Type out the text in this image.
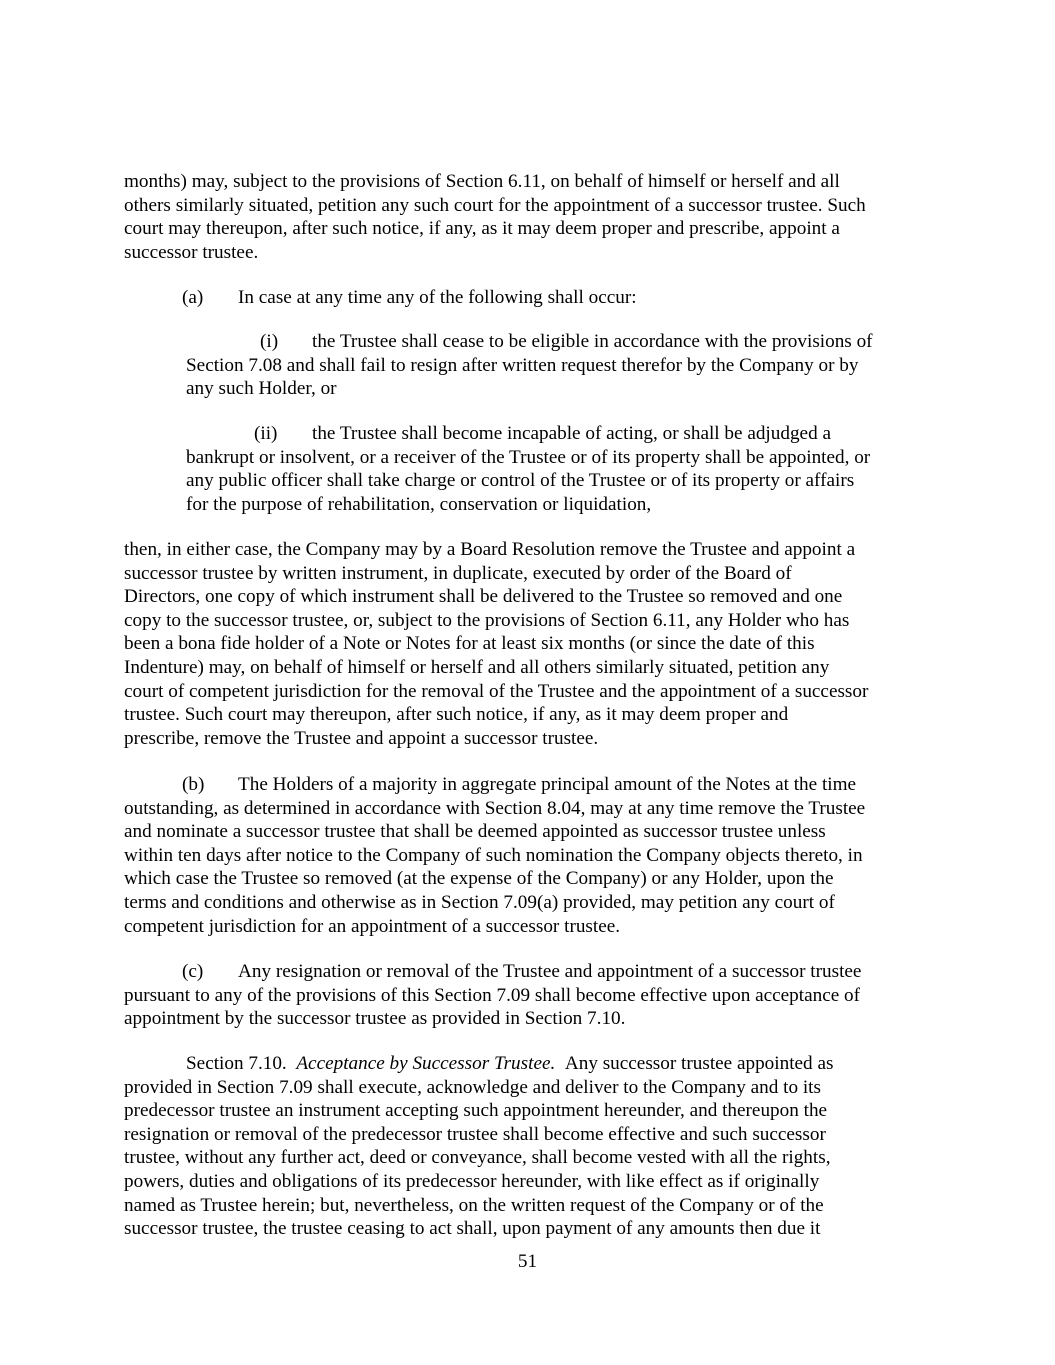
months) may, subject to the provisions of Section 6.11, on behalf of himself or herself and all
others similarly situated, petition any such court for the appointment of a successor trustee. Such
court may thereupon, after such notice, if any, as it may deem proper and prescribe, appoint a
successor trustee.
(a) In case at any time any of the following shall occur:
(i) the Trustee shall cease to be eligible in accordance with the provisions of
Section 7.08 and shall fail to resign after written request therefor by the Company or by
any such Holder, or
(ii) the Trustee shall become incapable of acting, or shall be adjudged a
bankrupt or insolvent, or a receiver of the Trustee or of its property shall be appointed, or
any public officer shall take charge or control of the Trustee or of its property or affairs
for the purpose of rehabilitation, conservation or liquidation,
then, in either case, the Company may by a Board Resolution remove the Trustee and appoint a
successor trustee by written instrument, in duplicate, executed by order of the Board of
Directors, one copy of which instrument shall be delivered to the Trustee so removed and one
copy to the successor trustee, or, subject to the provisions of Section 6.11, any Holder who has
been a bona fide holder of a Note or Notes for at least six months (or since the date of this
Indenture) may, on behalf of himself or herself and all others similarly situated, petition any
court of competent jurisdiction for the removal of the Trustee and the appointment of a successor
trustee. Such court may thereupon, after such notice, if any, as it may deem proper and
prescribe, remove the Trustee and appoint a successor trustee.
(b) The Holders of a majority in aggregate principal amount of the Notes at the time
outstanding, as determined in accordance with Section 8.04, may at any time remove the Trustee
and nominate a successor trustee that shall be deemed appointed as successor trustee unless
within ten days after notice to the Company of such nomination the Company objects thereto, in
which case the Trustee so removed (at the expense of the Company) or any Holder, upon the
terms and conditions and otherwise as in Section 7.09(a) provided, may petition any court of
competent jurisdiction for an appointment of a successor trustee.
(c) Any resignation or removal of the Trustee and appointment of a successor trustee
pursuant to any of the provisions of this Section 7.09 shall become effective upon acceptance of
appointment by the successor trustee as provided in Section 7.10.
Section 7.10. Acceptance by Successor Trustee. Any successor trustee appointed as
provided in Section 7.09 shall execute, acknowledge and deliver to the Company and to its
predecessor trustee an instrument accepting such appointment hereunder, and thereupon the
resignation or removal of the predecessor trustee shall become effective and such successor
trustee, without any further act, deed or conveyance, shall become vested with all the rights,
powers, duties and obligations of its predecessor hereunder, with like effect as if originally
named as Trustee herein; but, nevertheless, on the written request of the Company or of the
successor trustee, the trustee ceasing to act shall, upon payment of any amounts then due it
51
